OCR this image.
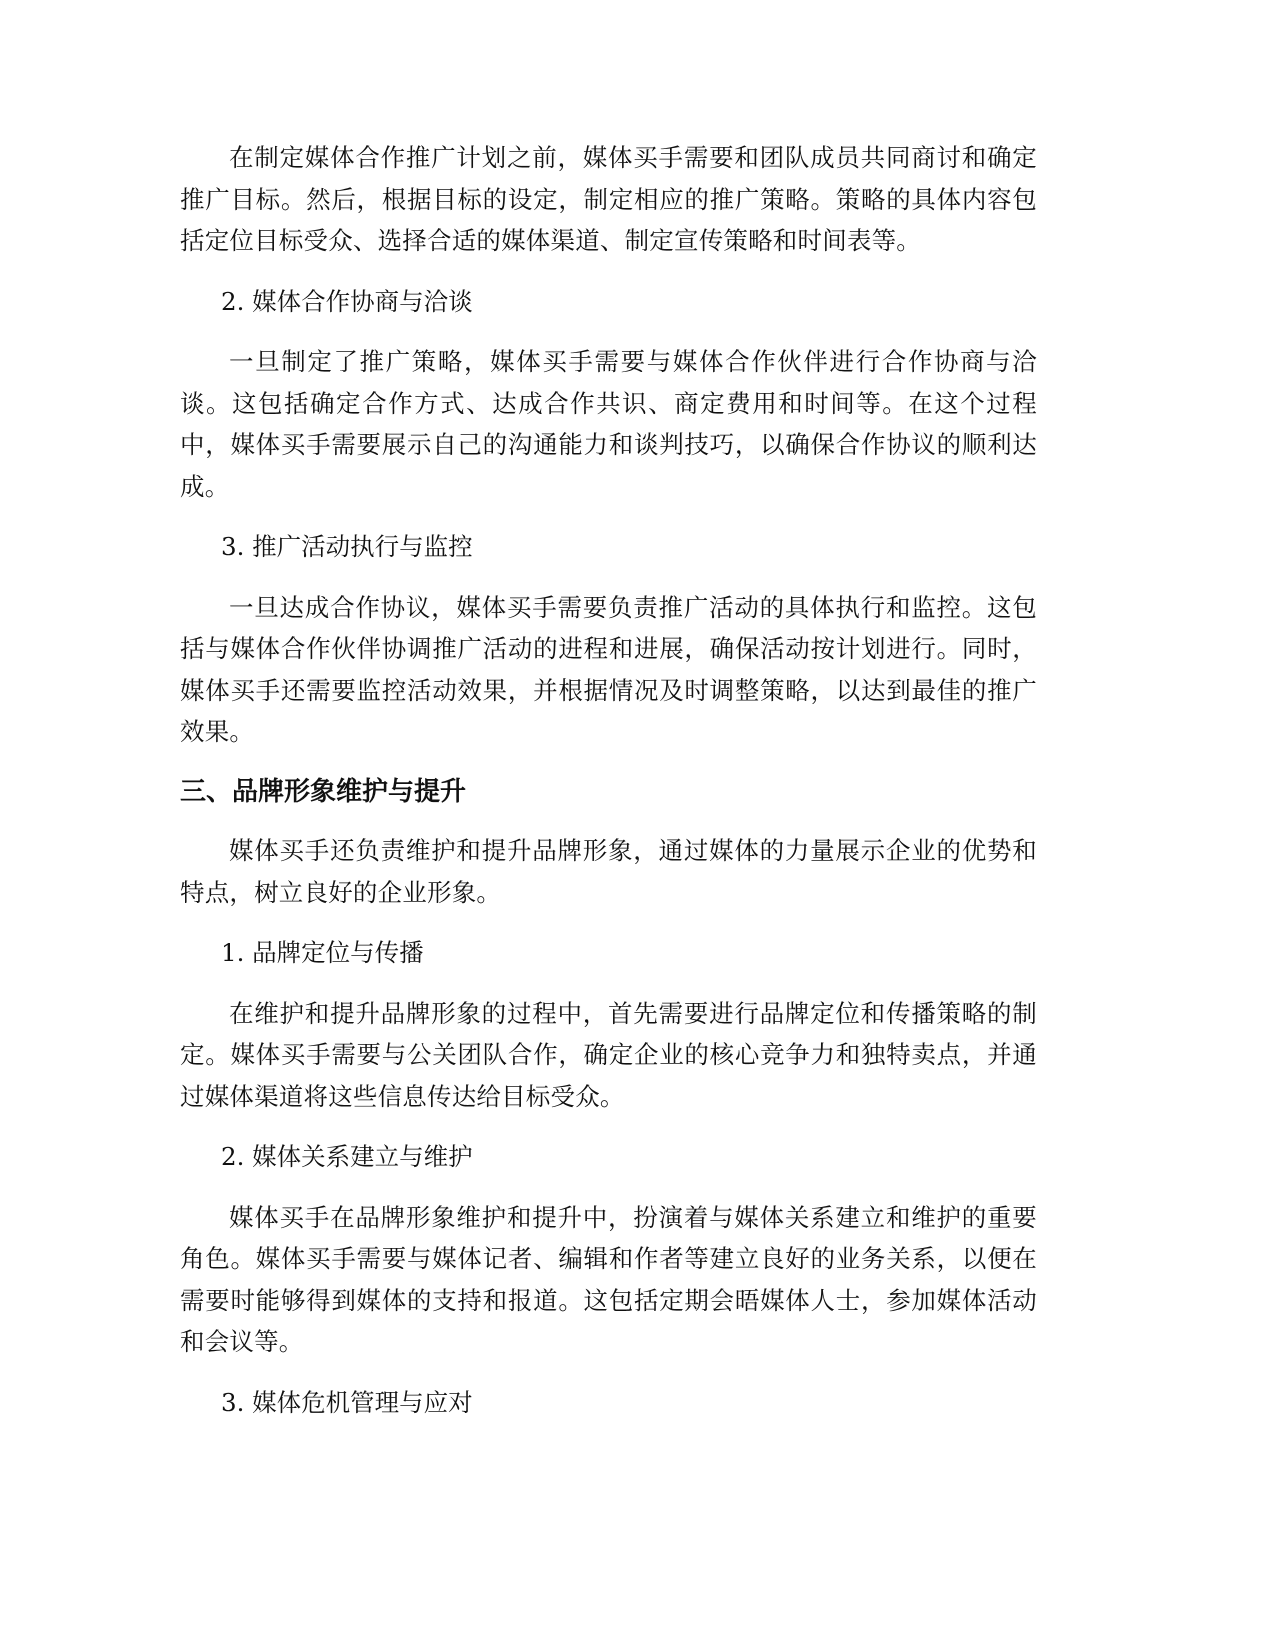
在制定媒体合作推广计划之前，媒体买手需要和团队成员共同商讨和确定推广目标。然后，根据目标的设定，制定相应的推广策略。策略的具体内容包括定位目标受众、选择合适的媒体渠道、制定宣传策略和时间表等。

2. 媒体合作协商与洽谈

一旦制定了推广策略，媒体买手需要与媒体合作伙伴进行合作协商与洽谈。这包括确定合作方式、达成合作共识、商定费用和时间等。在这个过程中，媒体买手需要展示自己的沟通能力和谈判技巧，以确保合作协议的顺利达成。

3. 推广活动执行与监控

一旦达成合作协议，媒体买手需要负责推广活动的具体执行和监控。这包括与媒体合作伙伴协调推广活动的进程和进展，确保活动按计划进行。同时，媒体买手还需要监控活动效果，并根据情况及时调整策略，以达到最佳的推广效果。

三、品牌形象维护与提升

媒体买手还负责维护和提升品牌形象，通过媒体的力量展示企业的优势和特点，树立良好的企业形象。

1. 品牌定位与传播

在维护和提升品牌形象的过程中，首先需要进行品牌定位和传播策略的制定。媒体买手需要与公关团队合作，确定企业的核心竞争力和独特卖点，并通过媒体渠道将这些信息传达给目标受众。

2. 媒体关系建立与维护

媒体买手在品牌形象维护和提升中，扮演着与媒体关系建立和维护的重要角色。媒体买手需要与媒体记者、编辑和作者等建立良好的业务关系，以便在需要时能够得到媒体的支持和报道。这包括定期会晤媒体人士，参加媒体活动和会议等。

3. 媒体危机管理与应对
